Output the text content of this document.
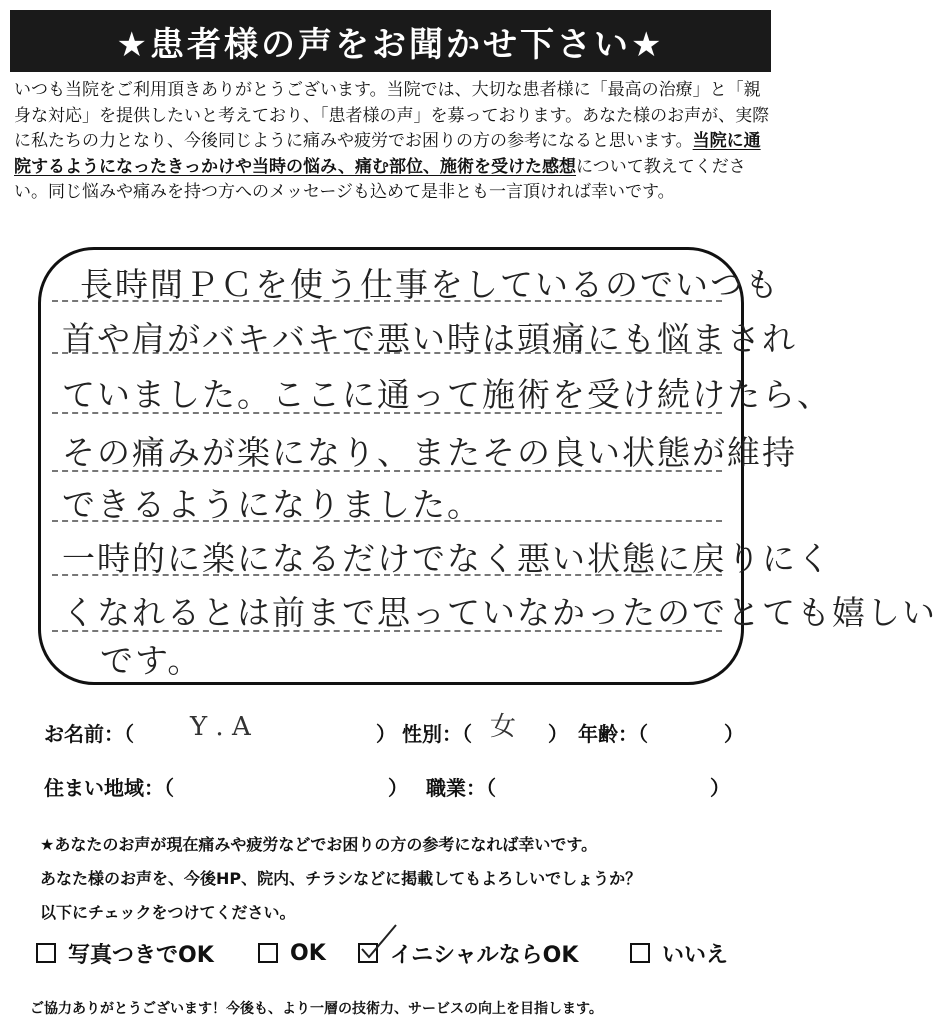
★患者様の声をお聞かせ下さい★

いつも当院をご利用頂きありがとうございます。当院では、大切な患者様に「最高の治療」と「親身な対応」を提供したいと考えており、「患者様の声」を募っております。あなた様のお声が、実際に私たちの力となり、今後同じように痛みや疲労でお困りの方の参考になると思います。当院に通院するようになったきっかけや当時の悩み、痛む部位、施術を受けた感想について教えてください。同じ悩みや痛みを持つ方へのメッセージも込めて是非とも一言頂ければ幸いです。

長時間ＰＣを使う仕事をしているのでいつも
首や肩がバキバキで悪い時は頭痛にも悩まされ
ていました。ここに通って施術を受け続けたら、
その痛みが楽になり、またその良い状態が維持
できるようになりました。
一時的に楽になるだけでなく悪い状態に戻りにく
くなれるとは前まで思っていなかったのでとても嬉しい
です。
お名前：（ Y . A	） 性別：（ 女 ） 年齢：（	）
住まい地域：（	） 職業：（	）
★あなたのお声が現在痛みや疲労などでお困りの方の参考になれば幸いです。
あなた様のお声を、今後HP、院内、チラシなどに掲載してもよろしいでしょうか？
以下にチェックをつけてください。
写真つきでOK	OK	イニシャルならOK	いいえ
ご協力ありがとうございます！今後も、より一層の技術力、サービスの向上を目指します。
